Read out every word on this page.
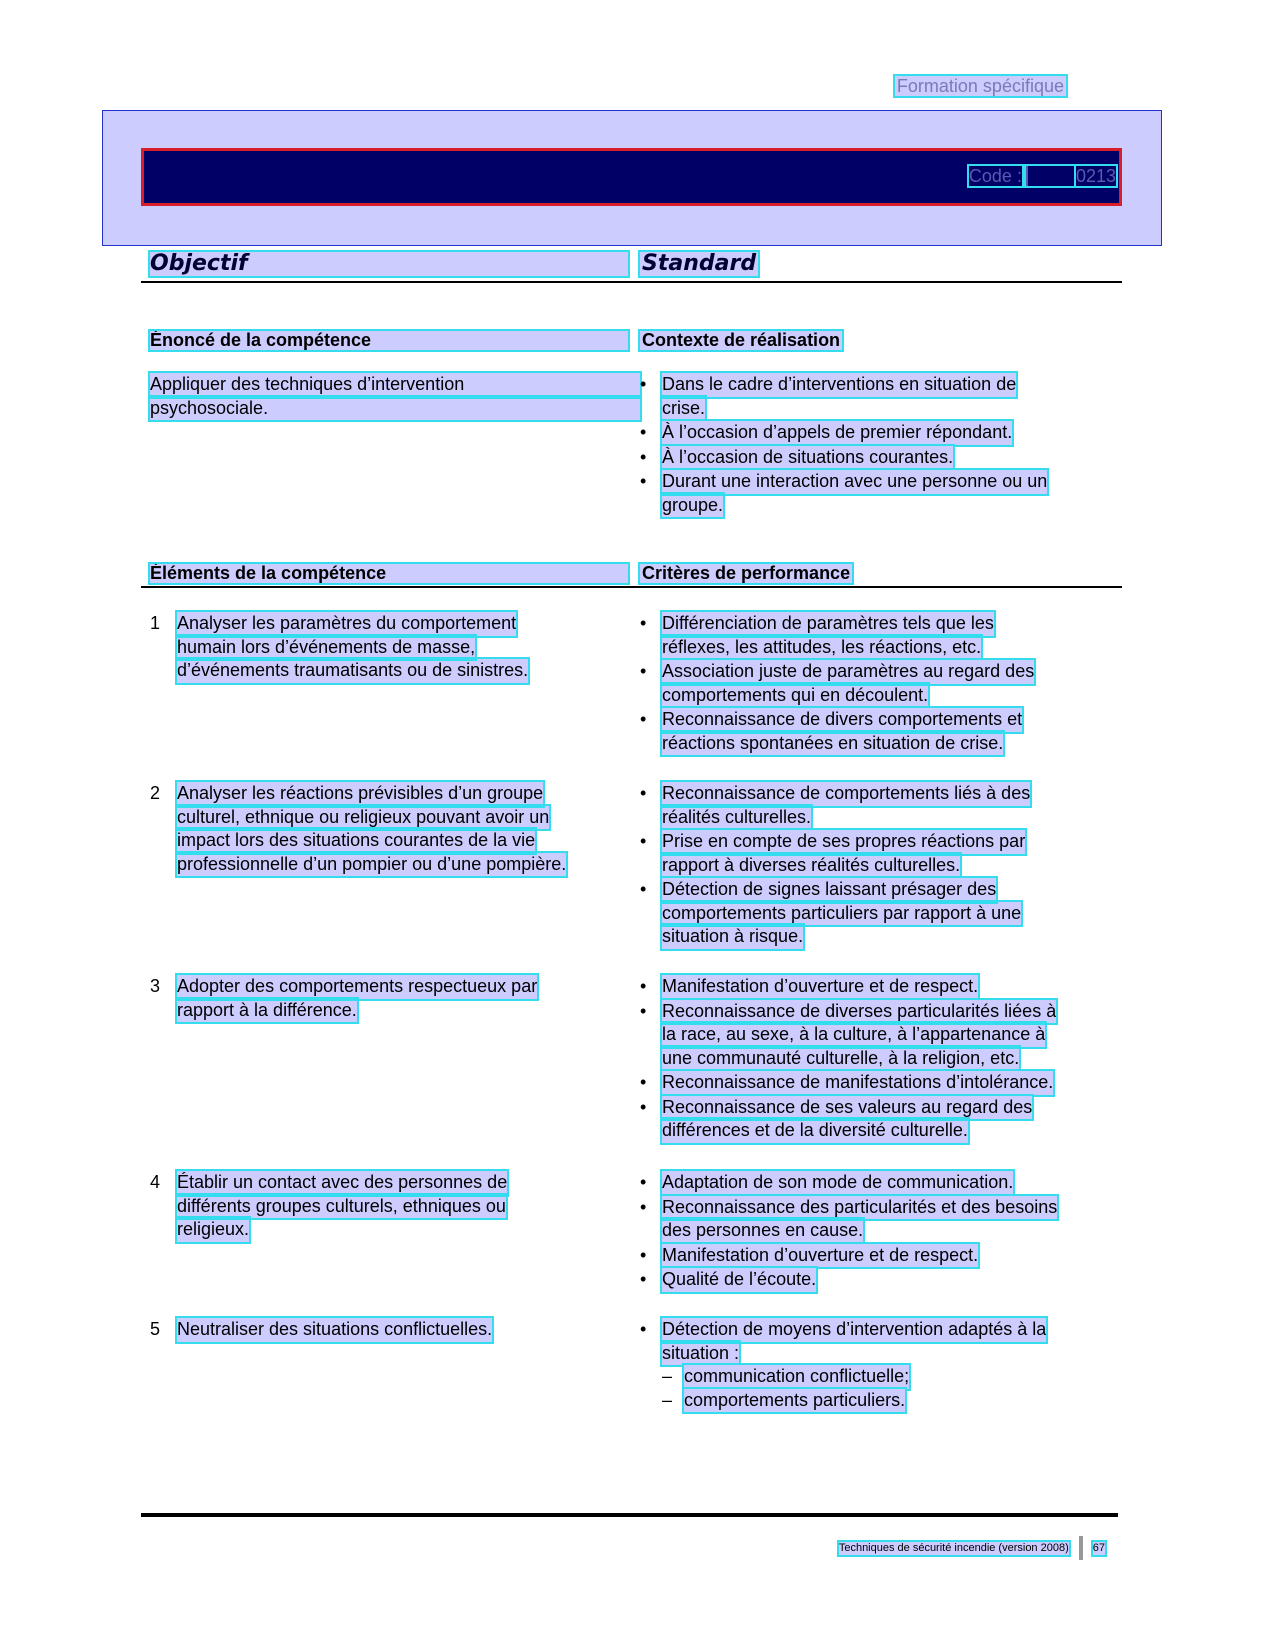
Formation spécifique
Code :	0213
Objectif	Standard
Énoncé de la compétence	Contexte de réalisation
Appliquer des techniques d’intervention
psychosociale.
• Dans le cadre d’interventions en situation de
crise.
• À l’occasion d’appels de premier répondant.
• À l’occasion de situations courantes.
• Durant une interaction avec une personne ou un
groupe.
Éléments de la compétence	Critères de performance
1 Analyser les paramètres du comportement
humain lors d’événements de masse,
d’événements traumatisants ou de sinistres.
• Différenciation de paramètres tels que les
réflexes, les attitudes, les réactions, etc.
• Association juste de paramètres au regard des
comportements qui en découlent.
• Reconnaissance de divers comportements et
réactions spontanées en situation de crise.
2 Analyser les réactions prévisibles d’un groupe
culturel, ethnique ou religieux pouvant avoir un
impact lors des situations courantes de la vie
professionnelle d’un pompier ou d’une pompière.
• Reconnaissance de comportements liés à des
réalités culturelles.
• Prise en compte de ses propres réactions par
rapport à diverses réalités culturelles.
• Détection de signes laissant présager des
comportements particuliers par rapport à une
situation à risque.
3 Adopter des comportements respectueux par
rapport à la différence.
• Manifestation d’ouverture et de respect.
• Reconnaissance de diverses particularités liées à
la race, au sexe, à la culture, à l’appartenance à
une communauté culturelle, à la religion, etc.
• Reconnaissance de manifestations d’intolérance.
• Reconnaissance de ses valeurs au regard des
différences et de la diversité culturelle.
4 Établir un contact avec des personnes de
différents groupes culturels, ethniques ou
religieux.
• Adaptation de son mode de communication.
• Reconnaissance des particularités et des besoins
des personnes en cause.
• Manifestation d’ouverture et de respect.
• Qualité de l’écoute.
5 Neutraliser des situations conflictuelles.
•	Détection de moyens d’intervention adaptés à la
situation :
– communication conflictuelle;
– comportements particuliers.
Techniques de sécurité incendie (version 2008) 67
